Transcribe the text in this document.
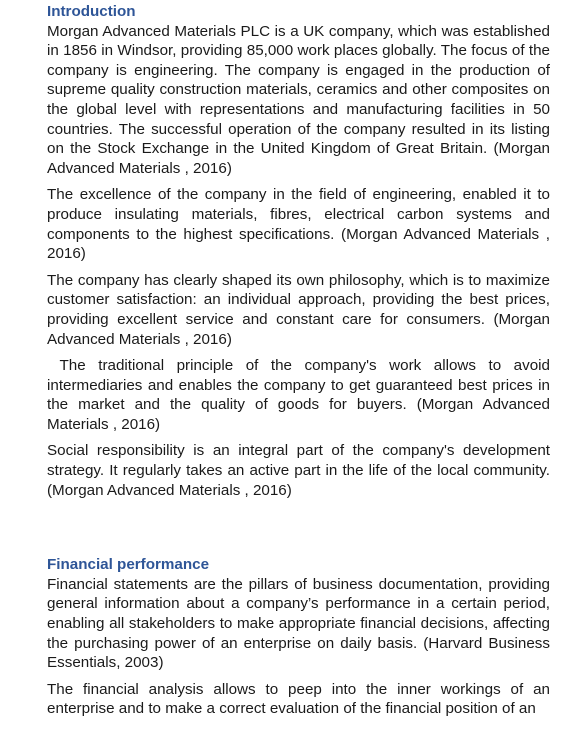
Introduction

Morgan Advanced Materials PLC is a UK company, which was established in 1856 in Windsor, providing 85,000 work places globally. The focus of the company is engineering. The company is engaged in the production of supreme quality construction materials, ceramics and other composites on the global level with representations and manufacturing facilities in 50 countries. The successful operation of the company resulted in its listing on the Stock Exchange in the United Kingdom of Great Britain. (Morgan Advanced Materials , 2016)

The excellence of the company in the field of engineering, enabled it to produce insulating materials, fibres, electrical carbon systems and components to the highest specifications. (Morgan Advanced Materials , 2016)

The company has clearly shaped its own philosophy, which is to maximize customer satisfaction: an individual approach, providing the best prices, providing excellent service and constant care for consumers. (Morgan Advanced Materials , 2016)

The traditional principle of the company's work allows to avoid intermediaries and enables the company to get guaranteed best prices in the market and the quality of goods for buyers. (Morgan Advanced Materials , 2016)

Social responsibility is an integral part of the company's development strategy. It regularly takes an active part in the life of the local community. (Morgan Advanced Materials , 2016)

Financial performance

Financial statements are the pillars of business documentation, providing general information about a company’s performance in a certain period, enabling all stakeholders to make appropriate financial decisions, affecting the purchasing power of an enterprise on daily basis. (Harvard Business Essentials, 2003)

The financial analysis allows to peep into the inner workings of an enterprise and to make a correct evaluation of the financial position of an
